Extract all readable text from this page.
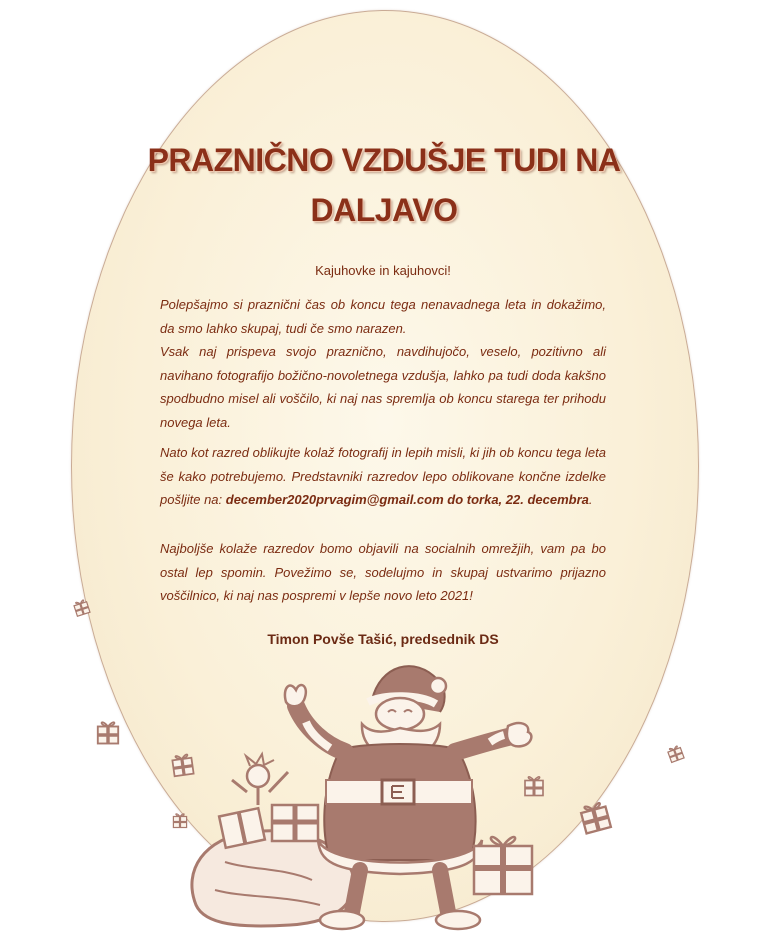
PRAZNIČNO VZDUŠJE TUDI NA
DALJAVO

Kajuhovke in kajuhovci!

Polepšajmo si praznični čas ob koncu tega nenavadnega leta in dokažimo, da smo lahko skupaj, tudi če smo narazen.

Vsak naj prispeva svojo praznično, navdihujočo, veselo, pozitivno ali navihano fotografijo božično-novoletnega vzdušja, lahko pa tudi doda kakšno spodbudno misel ali voščilo, ki naj nas spremlja ob koncu starega ter prihodu novega leta.

Nato kot razred oblikujte kolaž fotografij in lepih misli, ki jih ob koncu tega leta še kako potrebujemo. Predstavniki razredov lepo oblikovane končne izdelke pošljite na: december2020prvagim@gmail.com do torka, 22. decembra.

Najboljše kolaže razredov bomo objavili na socialnih omrežjih, vam pa bo ostal lep spomin. Povežimo se, sodelujmo in skupaj ustvarimo prijazno voščilnico, ki naj nas pospremi v lepše novo leto 2021!

Timon Povše Tašić, predsednik DS
